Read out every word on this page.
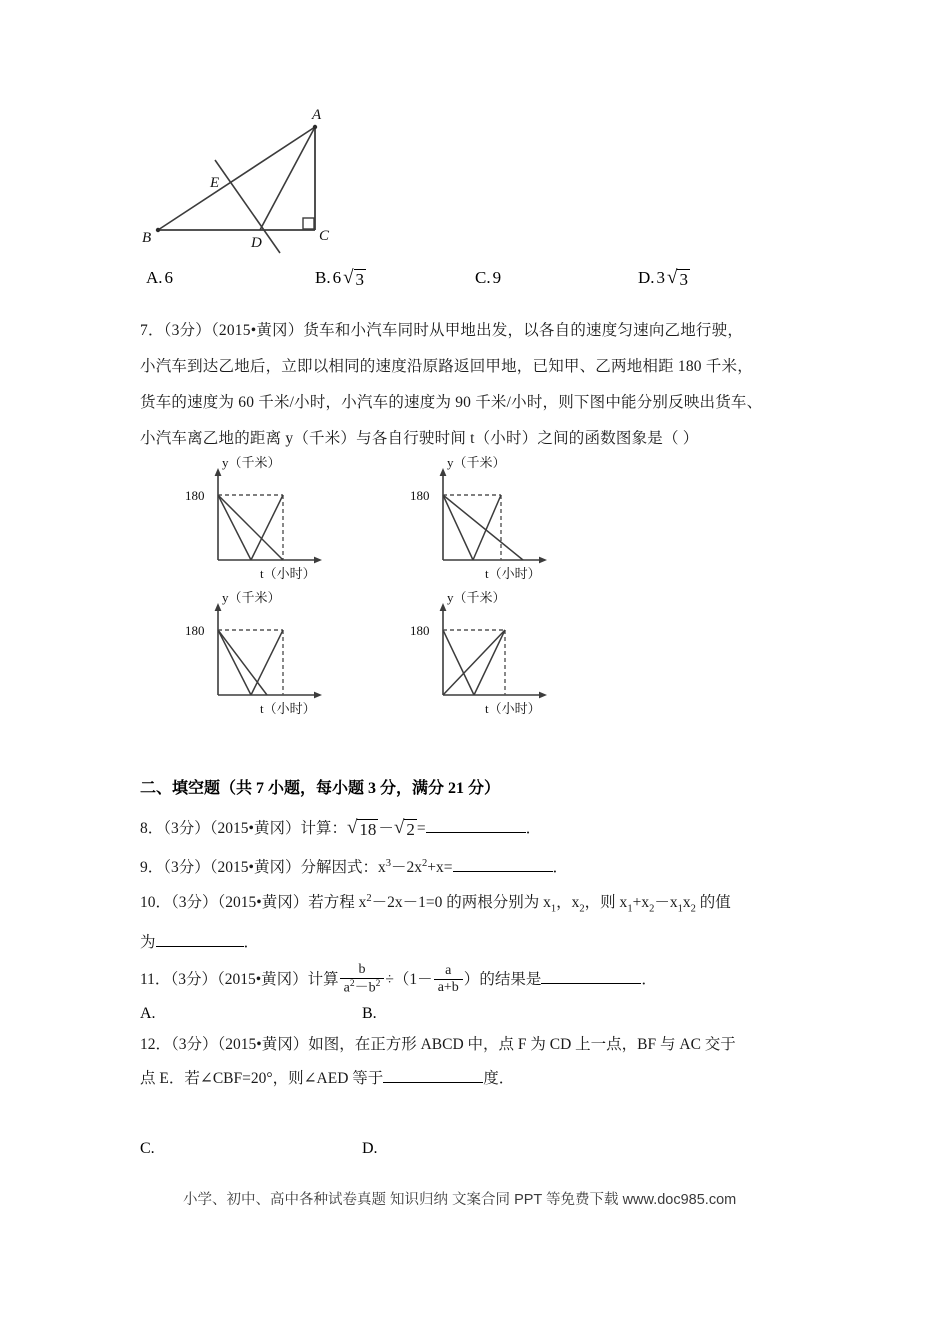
A
B	C
D
E
A. 6	B. 6 √ 3	C. 9	D. 3 √ 3
7．（3分）（2015•黄冈）货车和小汽车同时从甲地出发，以各自的速度匀速向乙地行驶，
小汽车到达乙地后，立即以相同的速度沿原路返回甲地，已知甲、乙两地相距 180 千米，
货车的速度为 60 千米/小时，小汽车的速度为 90 千米/小时，则下图中能分别反映出货车、
小汽车离乙地的距离 y（千米）与各自行驶时间 t（小时）之间的函数图象是（ ）
y（千米）
180
t（小时）
y（千米）
180
t（小时）
y（千米）
180
t（小时）
y（千米）
180
t（小时）
A.	B.
C.	D.
二、填空题（共 7 小题，每小题 3 分，满分 21 分）
8．（3分）（2015•黄冈）计算： √ 18 － √ 2 =	．
9．（3分）（2015•黄冈）分解因式：$x^3-2x^2+x=$	．
10．（3分）（2015•黄冈）若方程 $x^2-2x-1=0$ 的两根分别为 $x_1$，$x_2$，则 $x_1+x_2-x_1x_2$ 的值
为	．
11．（3分）（2015•黄冈）计算 $\frac{b}{a^2-b^2} \div(1- \frac{a}{a+b}$ ）的结果是	．
12．（3分）（2015•黄冈）如图，在正方形 ABCD 中，点 F 为 CD 上一点，BF 与 AC 交于
点 E．若∠CBF=20°，则∠AED 等于	度．
小学、初中、高中各种试卷真题 知识归纳 文案合同 PPT 等免费下载 www.doc985.com
